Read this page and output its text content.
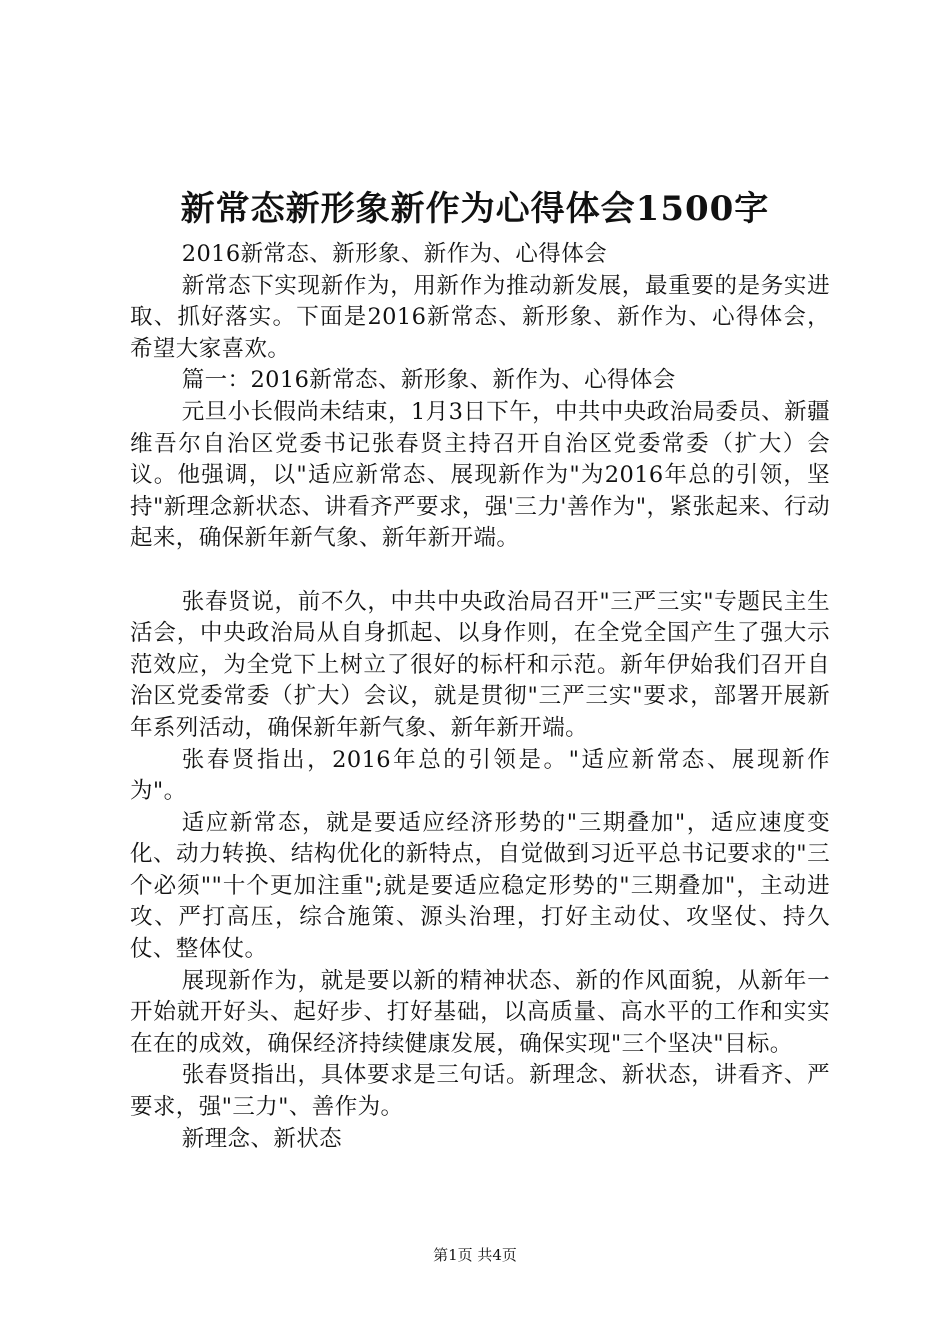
新常态新形象新作为心得体会1500字

2016新常态、新形象、新作为、心得体会

新常态下实现新作为，用新作为推动新发展，最重要的是务实进取、抓好落实。下面是2016新常态、新形象、新作为、心得体会，希望大家喜欢。

篇一：2016新常态、新形象、新作为、心得体会

元旦小长假尚未结束，1月3日下午，中共中央政治局委员、新疆维吾尔自治区党委书记张春贤主持召开自治区党委常委（扩大）会议。他强调，以"适应新常态、展现新作为"为2016年总的引领，坚持"新理念新状态、讲看齐严要求，强'三力'善作为"，紧张起来、行动起来，确保新年新气象、新年新开端。

张春贤说，前不久，中共中央政治局召开"三严三实"专题民主生活会，中央政治局从自身抓起、以身作则，在全党全国产生了强大示范效应，为全党下上树立了很好的标杆和示范。新年伊始我们召开自治区党委常委（扩大）会议，就是贯彻"三严三实"要求，部署开展新年系列活动，确保新年新气象、新年新开端。

张春贤指出，2016年总的引领是。"适应新常态、展现新作为"。

适应新常态，就是要适应经济形势的"三期叠加"，适应速度变化、动力转换、结构优化的新特点，自觉做到习近平总书记要求的"三个必须""十个更加注重";就是要适应稳定形势的"三期叠加"，主动进攻、严打高压，综合施策、源头治理，打好主动仗、攻坚仗、持久仗、整体仗。

展现新作为，就是要以新的精神状态、新的作风面貌，从新年一开始就开好头、起好步、打好基础，以高质量、高水平的工作和实实在在的成效，确保经济持续健康发展，确保实现"三个坚决"目标。

张春贤指出，具体要求是三句话。新理念、新状态，讲看齐、严要求，强"三力"、善作为。

新理念、新状态

第1页 共4页
